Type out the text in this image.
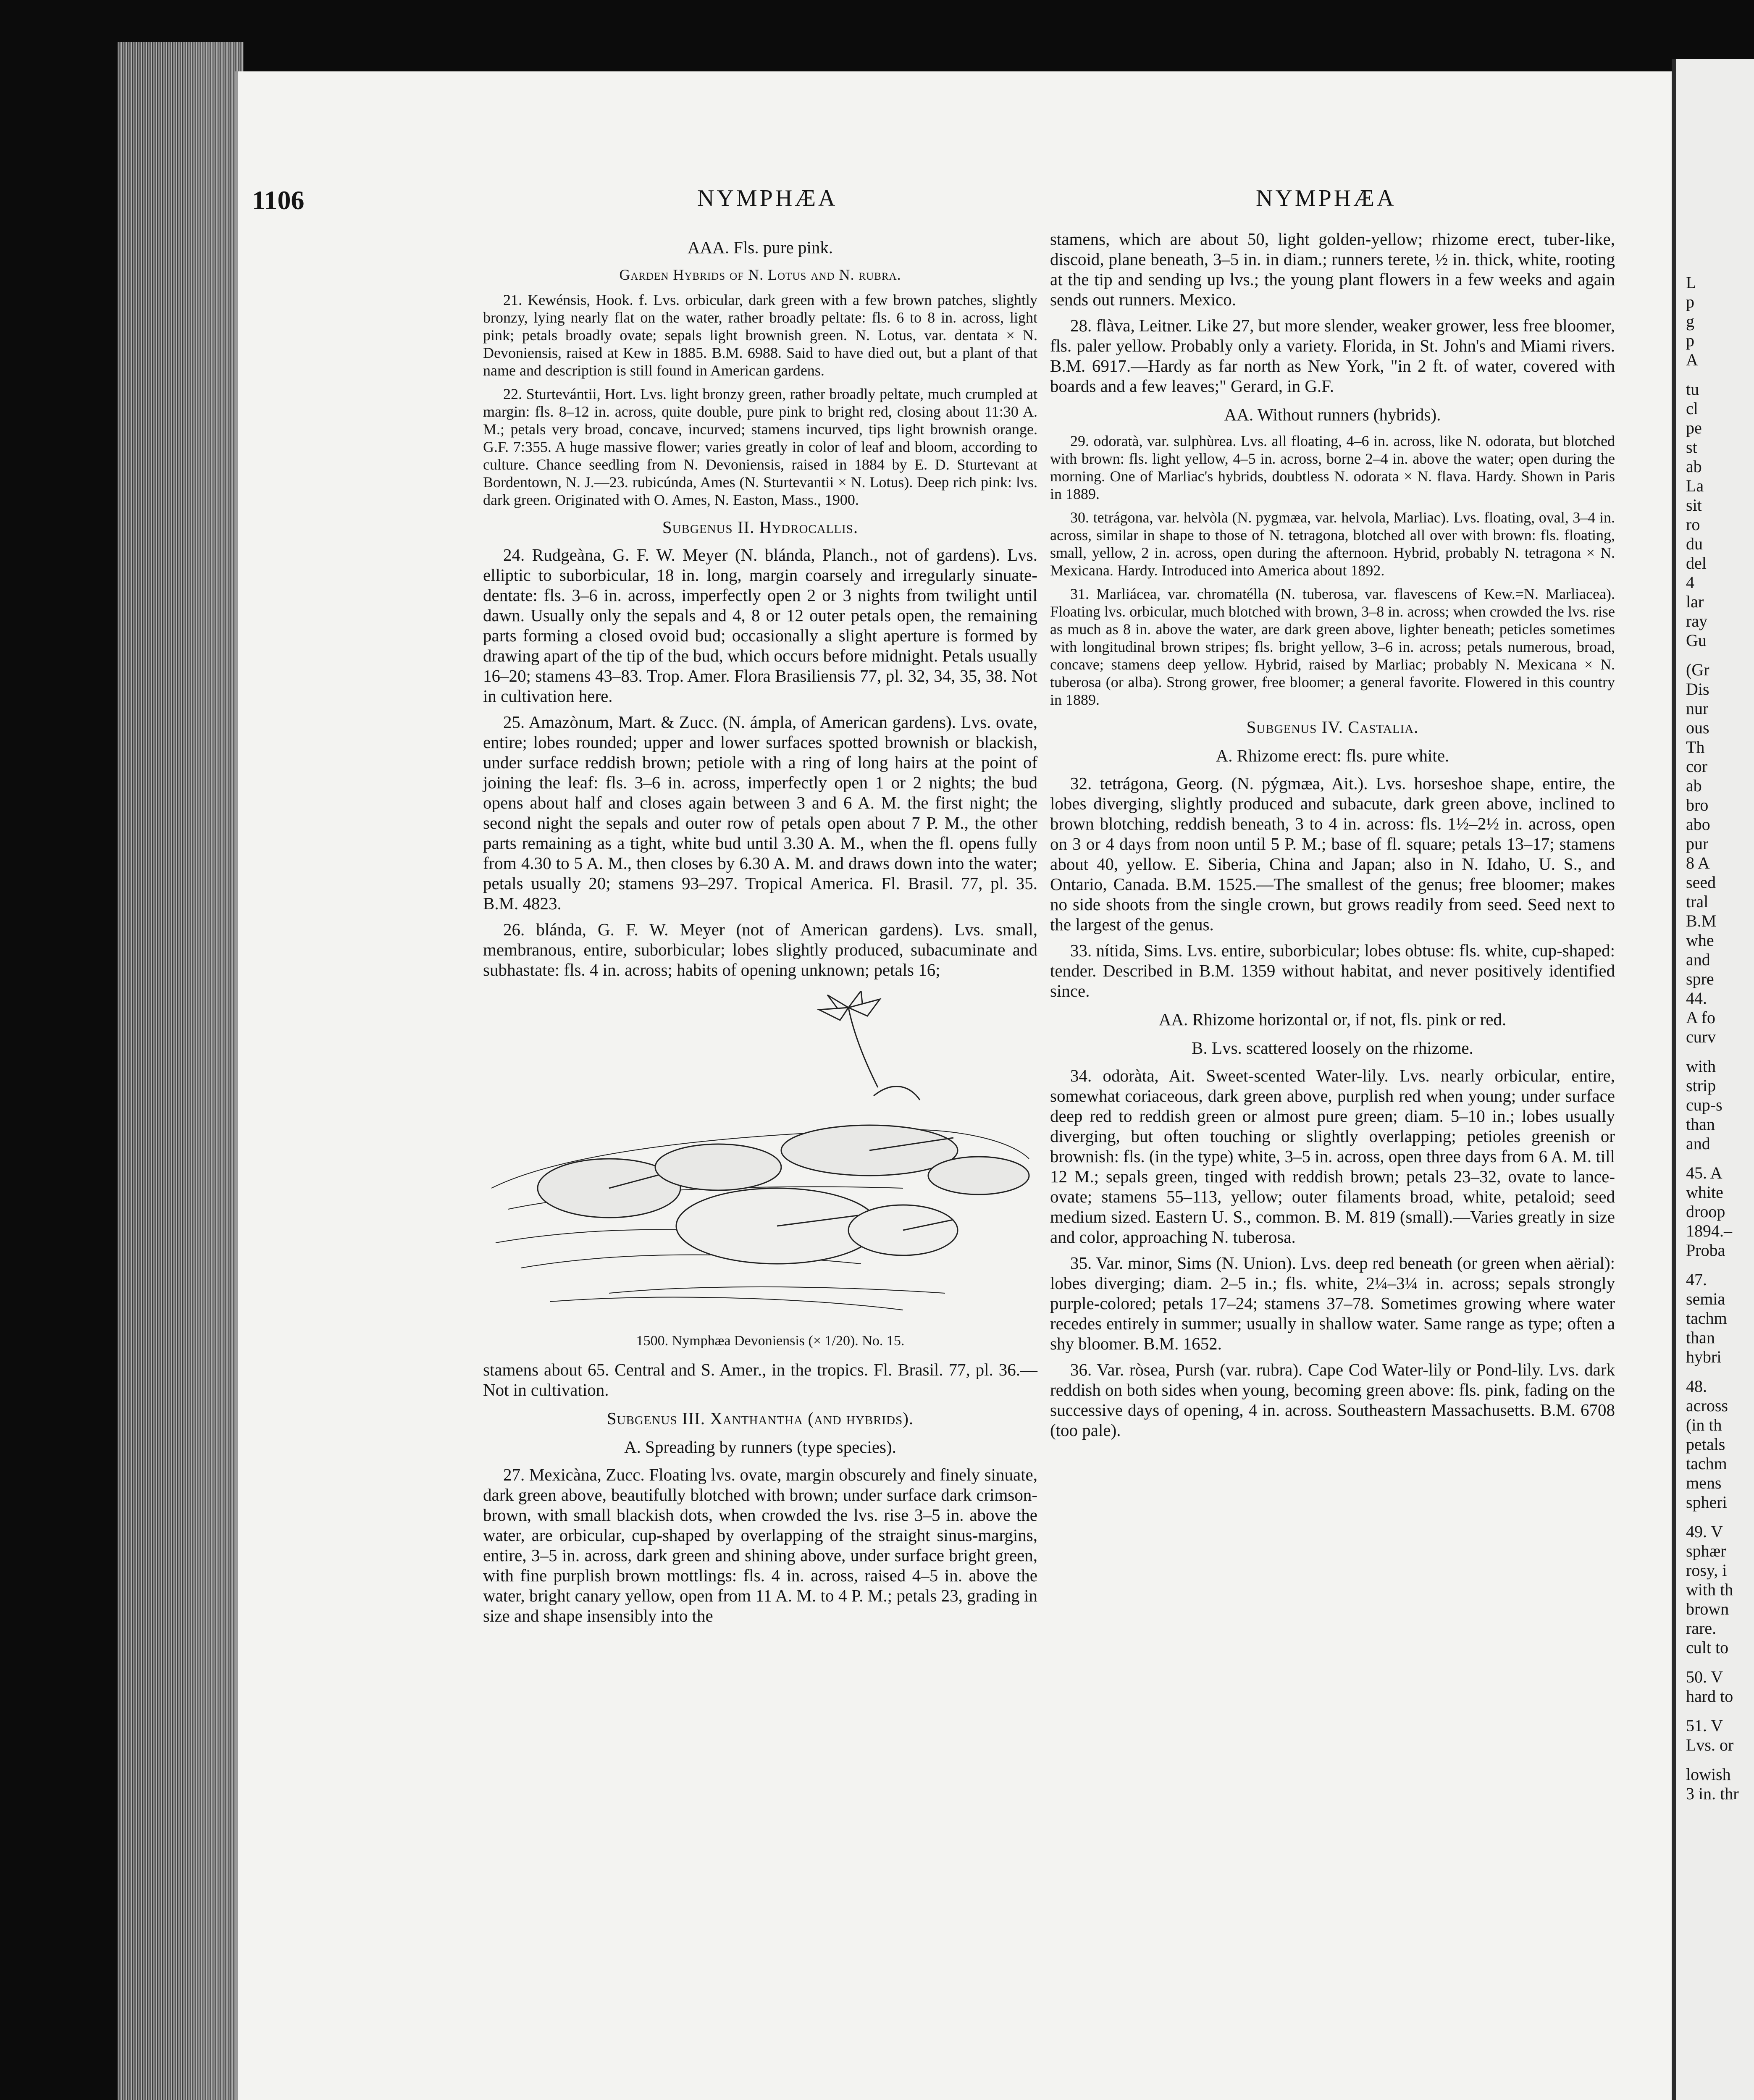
L
p
g
p
A
tu
cl
pe
st
ab
La
sit
ro
du
del
4
lar
ray
Gu
(Gr
Dis
nur
ous
Th
cor
ab
bro
abo
pur
8 A
seed
tral
B.M
whe
and
spre
44.
A fo
curv
with
strip
cup-s
than
and
45. A
white
droop
1894.–
Proba
47.
semia
tachm
than
hybri
48.
across
(in th
petals
tachm
mens
spheri
49. V
sphær
rosy, i
with th
brown
rare.
cult to
50. V
hard to
51. V
Lvs. or
lowish
3 in. thr
1106	NYMPHÆA	NYMPHÆA

AAA. Fls. pure pink.

Garden Hybrids of N. Lotus and N. rubra.

21. Kewénsis, Hook. f. Lvs. orbicular, dark green with a few brown patches, slightly bronzy, lying nearly flat on the water, rather broadly peltate: fls. 6 to 8 in. across, light pink; petals broadly ovate; sepals light brownish green. N. Lotus, var. dentata × N. Devoniensis, raised at Kew in 1885. B.M. 6988. Said to have died out, but a plant of that name and description is still found in American gardens.

22. Sturtevántii, Hort. Lvs. light bronzy green, rather broadly peltate, much crumpled at margin: fls. 8–12 in. across, quite double, pure pink to bright red, closing about 11:30 A. M.; petals very broad, concave, incurved; stamens incurved, tips light brownish orange. G.F. 7:355. A huge massive flower; varies greatly in color of leaf and bloom, according to culture. Chance seedling from N. Devoniensis, raised in 1884 by E. D. Sturtevant at Bordentown, N. J.—23. rubicúnda, Ames (N. Sturtevantii × N. Lotus). Deep rich pink: lvs. dark green. Originated with O. Ames, N. Easton, Mass., 1900.

Subgenus II. Hydrocallis.

24. Rudgeàna, G. F. W. Meyer (N. blánda, Planch., not of gardens). Lvs. elliptic to suborbicular, 18 in. long, margin coarsely and irregularly sinuate-dentate: fls. 3–6 in. across, imperfectly open 2 or 3 nights from twilight until dawn. Usually only the sepals and 4, 8 or 12 outer petals open, the remaining parts forming a closed ovoid bud; occasionally a slight aperture is formed by drawing apart of the tip of the bud, which occurs before midnight. Petals usually 16–20; stamens 43–83. Trop. Amer. Flora Brasiliensis 77, pl. 32, 34, 35, 38. Not in cultivation here.

25. Amazònum, Mart. & Zucc. (N. ámpla, of American gardens). Lvs. ovate, entire; lobes rounded; upper and lower surfaces spotted brownish or blackish, under surface reddish brown; petiole with a ring of long hairs at the point of joining the leaf: fls. 3–6 in. across, imperfectly open 1 or 2 nights; the bud opens about half and closes again between 3 and 6 A. M. the first night; the second night the sepals and outer row of petals open about 7 P. M., the other parts remaining as a tight, white bud until 3.30 A. M., when the fl. opens fully from 4.30 to 5 A. M., then closes by 6.30 A. M. and draws down into the water; petals usually 20; stamens 93–297. Tropical America. Fl. Brasil. 77, pl. 35. B.M. 4823.

26. blánda, G. F. W. Meyer (not of American gardens). Lvs. small, membranous, entire, suborbicular; lobes slightly produced, subacuminate and subhastate: fls. 4 in. across; habits of opening unknown; petals 16;

1500. Nymphæa Devoniensis (× 1/20). No. 15.

stamens about 65. Central and S. Amer., in the tropics. Fl. Brasil. 77, pl. 36.—Not in cultivation.

Subgenus III. Xanthantha (and hybrids).

A. Spreading by runners (type species).

27. Mexicàna, Zucc. Floating lvs. ovate, margin obscurely and finely sinuate, dark green above, beautifully blotched with brown; under surface dark crimson-brown, with small blackish dots, when crowded the lvs. rise 3–5 in. above the water, are orbicular, cup-shaped by overlapping of the straight sinus-margins, entire, 3–5 in. across, dark green and shining above, under surface bright green, with fine purplish brown mottlings: fls. 4 in. across, raised 4–5 in. above the water, bright canary yellow, open from 11 A. M. to 4 P. M.; petals 23, grading in size and shape insensibly into the

stamens, which are about 50, light golden-yellow; rhizome erect, tuber-like, discoid, plane beneath, 3–5 in. in diam.; runners terete, ½ in. thick, white, rooting at the tip and sending up lvs.; the young plant flowers in a few weeks and again sends out runners. Mexico.

28. flàva, Leitner. Like 27, but more slender, weaker grower, less free bloomer, fls. paler yellow. Probably only a variety. Florida, in St. John's and Miami rivers. B.M. 6917.—Hardy as far north as New York, "in 2 ft. of water, covered with boards and a few leaves;" Gerard, in G.F.

AA. Without runners (hybrids).

29. odoratà, var. sulphùrea. Lvs. all floating, 4–6 in. across, like N. odorata, but blotched with brown: fls. light yellow, 4–5 in. across, borne 2–4 in. above the water; open during the morning. One of Marliac's hybrids, doubtless N. odorata × N. flava. Hardy. Shown in Paris in 1889.

30. tetrágona, var. helvòla (N. pygmæa, var. helvola, Marliac). Lvs. floating, oval, 3–4 in. across, similar in shape to those of N. tetragona, blotched all over with brown: fls. floating, small, yellow, 2 in. across, open during the afternoon. Hybrid, probably N. tetragona × N. Mexicana. Hardy. Introduced into America about 1892.

31. Marliácea, var. chromatélla (N. tuberosa, var. flavescens of Kew.=N. Marliacea). Floating lvs. orbicular, much blotched with brown, 3–8 in. across; when crowded the lvs. rise as much as 8 in. above the water, are dark green above, lighter beneath; peticles sometimes with longitudinal brown stripes; fls. bright yellow, 3–6 in. across; petals numerous, broad, concave; stamens deep yellow. Hybrid, raised by Marliac; probably N. Mexicana × N. tuberosa (or alba). Strong grower, free bloomer; a general favorite. Flowered in this country in 1889.

Subgenus IV. Castalia.

A. Rhizome erect: fls. pure white.

32. tetrágona, Georg. (N. pýgmæa, Ait.). Lvs. horseshoe shape, entire, the lobes diverging, slightly produced and subacute, dark green above, inclined to brown blotching, reddish beneath, 3 to 4 in. across: fls. 1½–2½ in. across, open on 3 or 4 days from noon until 5 P. M.; base of fl. square; petals 13–17; stamens about 40, yellow. E. Siberia, China and Japan; also in N. Idaho, U. S., and Ontario, Canada. B.M. 1525.—The smallest of the genus; free bloomer; makes no side shoots from the single crown, but grows readily from seed. Seed next to the largest of the genus.

33. nítida, Sims. Lvs. entire, suborbicular; lobes obtuse: fls. white, cup-shaped: tender. Described in B.M. 1359 without habitat, and never positively identified since.

AA. Rhizome horizontal or, if not, fls. pink or red.

B. Lvs. scattered loosely on the rhizome.

34. odoràta, Ait. Sweet-scented Water-lily. Lvs. nearly orbicular, entire, somewhat coriaceous, dark green above, purplish red when young; under surface deep red to reddish green or almost pure green; diam. 5–10 in.; lobes usually diverging, but often touching or slightly overlapping; petioles greenish or brownish: fls. (in the type) white, 3–5 in. across, open three days from 6 A. M. till 12 M.; sepals green, tinged with reddish brown; petals 23–32, ovate to lance-ovate; stamens 55–113, yellow; outer filaments broad, white, petaloid; seed medium sized. Eastern U. S., common. B. M. 819 (small).—Varies greatly in size and color, approaching N. tuberosa.

35. Var. minor, Sims (N. Union). Lvs. deep red beneath (or green when aërial): lobes diverging; diam. 2–5 in.; fls. white, 2¼–3¼ in. across; sepals strongly purple-colored; petals 17–24; stamens 37–78. Sometimes growing where water recedes entirely in summer; usually in shallow water. Same range as type; often a shy bloomer. B.M. 1652.

36. Var. ròsea, Pursh (var. rubra). Cape Cod Water-lily or Pond-lily. Lvs. dark reddish on both sides when young, becoming green above: fls. pink, fading on the successive days of opening, 4 in. across. Southeastern Massachusetts. B.M. 6708 (too pale).
